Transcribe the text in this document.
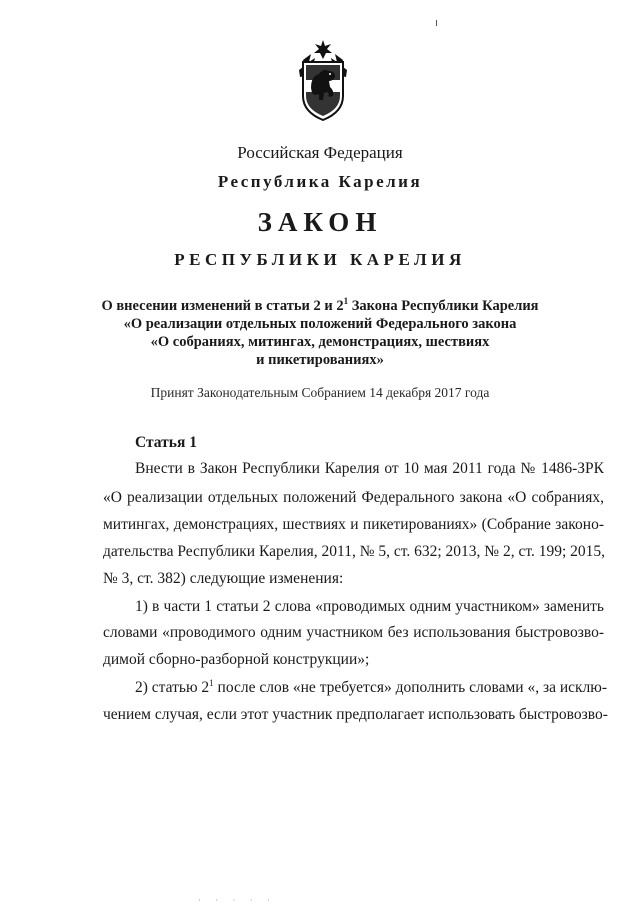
Российская Федерация
Республика Карелия
ЗАКОН
РЕСПУБЛИКИ КАРЕЛИЯ
О внесении изменений в статьи 2 и $2^1$ Закона Республики Карелия
«О реализации отдельных положений Федерального закона
«О собраниях, митингах, демонстрациях, шествиях
и пикетированиях»
Принят Законодательным Собранием 14 декабря 2017 года
Статья 1
Внести в Закон Республики Карелия от 10 мая 2011 года № 1486-ЗРК
«О реализации отдельных положений Федерального закона «О собраниях,
митингах, демонстрациях, шествиях и пикетированиях» (Собрание законо-
дательства Республики Карелия, 2011, № 5, ст. 632; 2013, № 2, ст. 199; 2015,
№ 3, ст. 382) следующие изменения:
1) в части 1 статьи 2 слова «проводимых одним участником» заменить
словами «проводимого одним участником без использования быстровозво-
димой сборно-разборной конструкции»;
2) статью $2^1$ после слов «не требуется» дополнить словами «, за исклю-
чением случая, если этот участник предполагает использовать быстровозво-
· · · · ·
